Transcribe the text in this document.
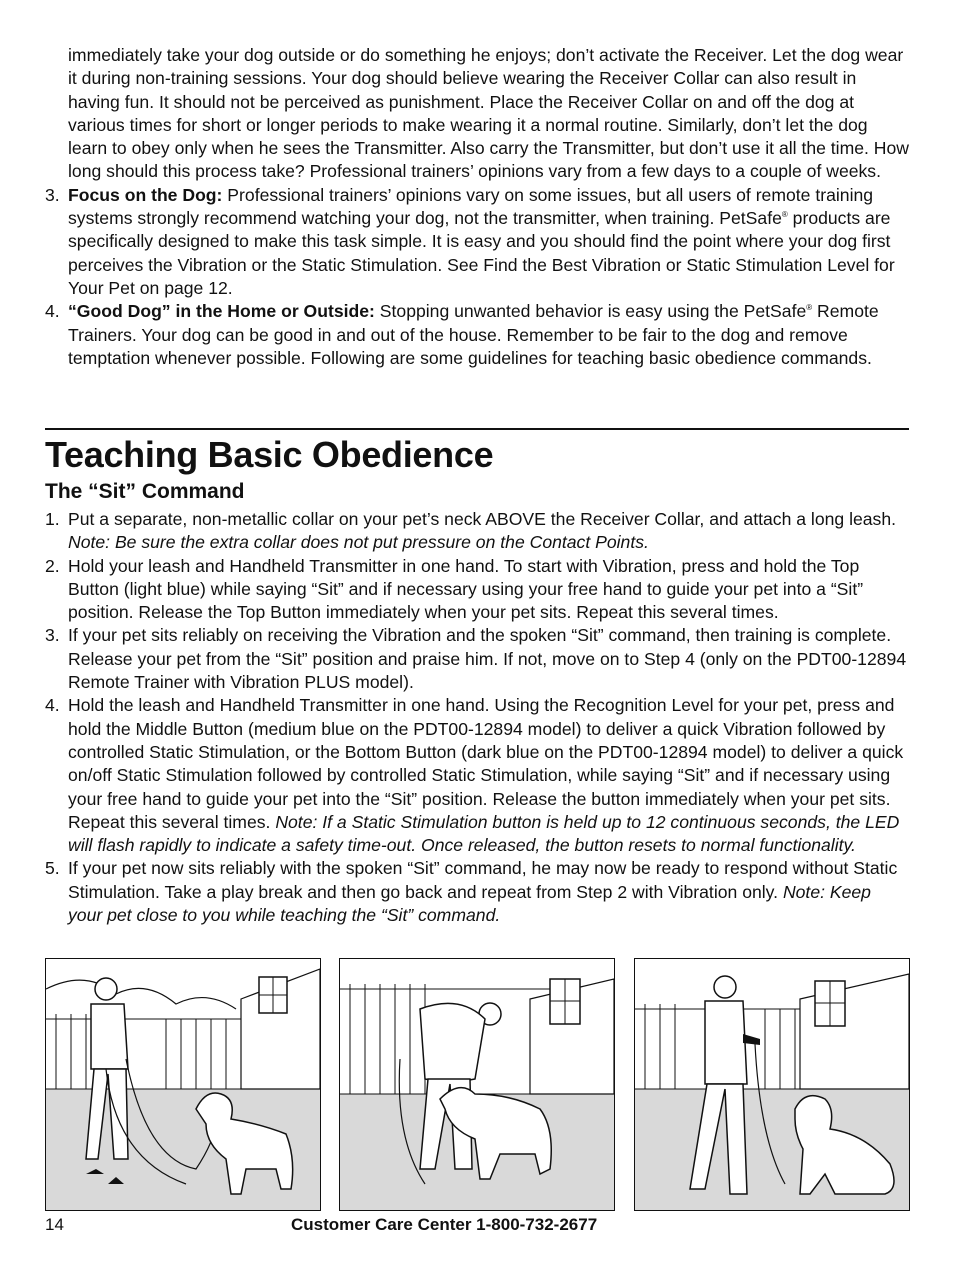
immediately take your dog outside or do something he enjoys; don’t activate the Receiver. Let the dog wear it during non-training sessions. Your dog should believe wearing the Receiver Collar can also result in having fun. It should not be perceived as punishment. Place the Receiver Collar on and off the dog at various times for short or longer periods to make wearing it a normal routine. Similarly, don’t let the dog learn to obey only when he sees the Transmitter. Also carry the Transmitter, but don’t use it all the time. How long should this process take? Professional trainers’ opinions vary from a few days to a couple of weeks.

3. Focus on the Dog: Professional trainers’ opinions vary on some issues, but all users of remote training systems strongly recommend watching your dog, not the transmitter, when training. PetSafe® products are specifically designed to make this task simple. It is easy and you should find the point where your dog first perceives the Vibration or the Static Stimulation. See Find the Best Vibration or Static Stimulation Level for Your Pet on page 12.
4. “Good Dog” in the Home or Outside: Stopping unwanted behavior is easy using the PetSafe® Remote Trainers. Your dog can be good in and out of the house. Remember to be fair to the dog and remove temptation whenever possible. Following are some guidelines for teaching basic obedience commands.
Teaching Basic Obedience
The “Sit” Command
1. Put a separate, non-metallic collar on your pet’s neck ABOVE the Receiver Collar, and attach a long leash. Note: Be sure the extra collar does not put pressure on the Contact Points.
2. Hold your leash and Handheld Transmitter in one hand. To start with Vibration, press and hold the Top Button (light blue) while saying “Sit” and if necessary using your free hand to guide your pet into a “Sit” position. Release the Top Button immediately when your pet sits. Repeat this several times.
3. If your pet sits reliably on receiving the Vibration and the spoken “Sit” command, then training is complete. Release your pet from the “Sit” position and praise him. If not, move on to Step 4 (only on the PDT00-12894 Remote Trainer with Vibration PLUS model).
4. Hold the leash and Handheld Transmitter in one hand. Using the Recognition Level for your pet, press and hold the Middle Button (medium blue on the PDT00-12894 model) to deliver a quick Vibration followed by controlled Static Stimulation, or the Bottom Button (dark blue on the PDT00-12894 model) to deliver a quick on/off Static Stimulation followed by controlled Static Stimulation, while saying “Sit” and if necessary using your free hand to guide your pet into the “Sit” position. Release the button immediately when your pet sits. Repeat this several times. Note: If a Static Stimulation button is held up to 12 continuous seconds, the LED will flash rapidly to indicate a safety time-out. Once released, the button resets to normal functionality.
5. If your pet now sits reliably with the spoken “Sit” command, he may now be ready to respond without Static Stimulation. Take a play break and then go back and repeat from Step 2 with Vibration only. Note: Keep your pet close to you while teaching the “Sit” command.
14	Customer Care Center 1-800-732-2677
